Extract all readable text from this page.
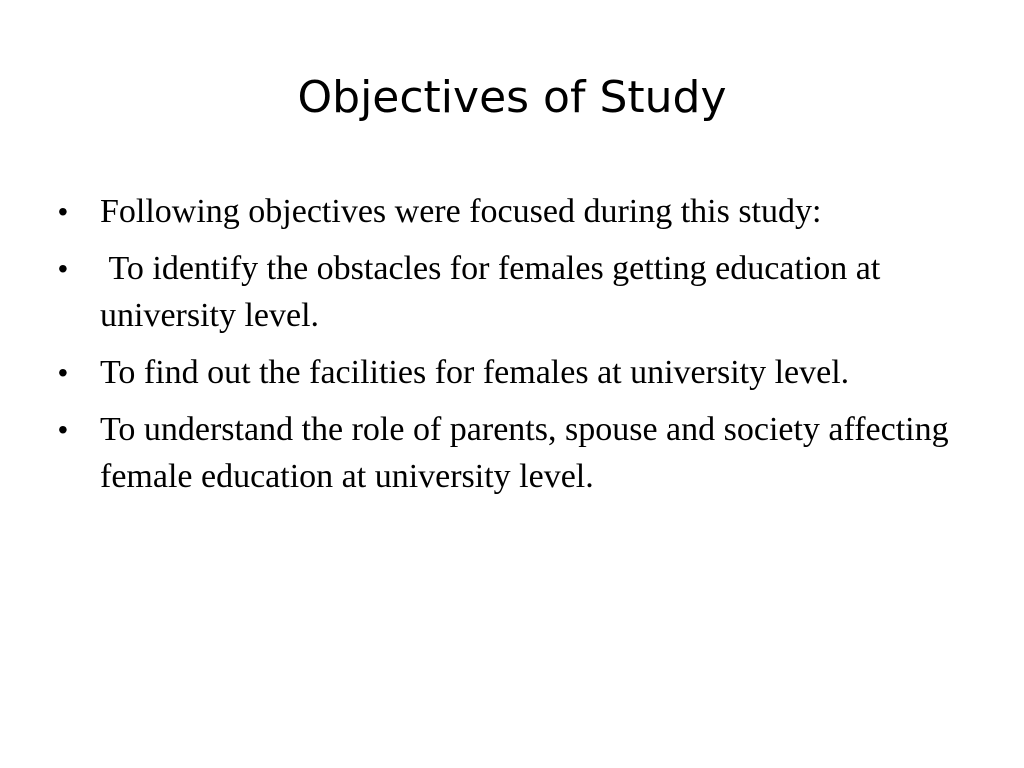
Objectives of Study
• Following objectives were focused during this study:
• To identify the obstacles for females getting education at university level.
• To find out the facilities for females at university level.
• To understand the role of parents, spouse and society affecting female education at university level.
